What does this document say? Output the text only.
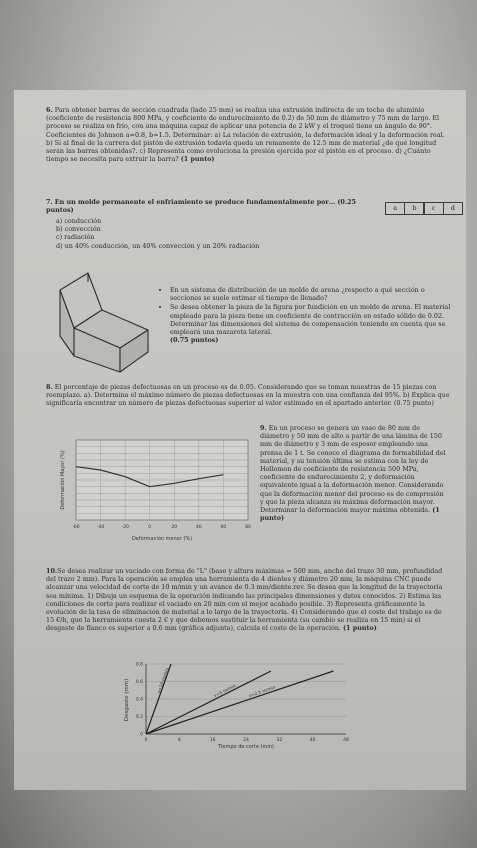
6. Para obtener barras de sección cuadrada (lado 25 mm) se realiza una extrusión indirecta de un tocho de aluminio (coeficiente de resistencia 800 MPa, y coeficiente de endurecimiento de 0.2) de 50 mm de diámetro y 75 mm de largo. El proceso se realiza en frío, con una máquina capaz de aplicar una potencia de 2 kW y el troquel tiene un ángulo de 90°. Coeficientes de Johnson a=0.8, b=1.5. Determinar: a) La relación de extrusión, la deformación ideal y la deformación real. b) Si al final de la carrera del pistón de extrusión todavía queda un remanente de 12.5 mm de material ¿de qué longitud serán las barras obtenidas?. c) Representa como evoluciona la presión ejercida por el pistón en el proceso. d) ¿Cuánto tiempo se necesita para extruir la barra? (1 punto)
7. En un molde permanente el enfriamiento se produce fundamentalmente por… (0.25 puntos)	a	b	c	d
a) conducción
b) convección
c) radiación
d) un 40% conducción, un 40% convección y un 20% radiación
• En un sistema de distribución de un molde de arena ¿respecto a qué sección o secciones se suele estimar el tiempo de llenado?
• Se desea obtener la pieza de la figura por fundición en un molde de arena. El material empleado para la pieza tiene un coeficiente de contracción en estado sólido de 0.02. Determinar las dimensiones del sistema de compensación teniendo en cuenta que se empleará una mazarota lateral.
(0.75 puntos)
8. El porcentaje de piezas defectuosas en un proceso es de 0.05. Considerando que se toman muestras de 15 piezas con reemplazo. a). Determina el máximo número de piezas defectuosas en la muestra con una confianza del 95%. b) Explica que significaría encontrar un número de piezas defectuosas superior al valor estimado en el apartado anterior. (0.75 punto)
-60	-40	-20	0	20	40	60	80
Deformación menor (%)
Deformación Mayor (%)
9. En un proceso se genera un vaso de 80 mm de diámetro y 50 mm de alto a partir de una lámina de 150 mm de diámetro y 3 mm de espesor empleando una prensa de 1 t. Se conoce el diagrama de formabilidad del material, y su tensión última se estima con la ley de Hollomon de coeficiente de resistencia 500 MPa, coeficiente de endurecimiento 2, y deformación equivalente igual a la deformación menor. Considerando que la deformación menor del proceso es de compresión y que la pieza alcanza su máxima deformación mayor. Determinar la deformación mayor máxima obtenida. (1 punto)
10.Se desea realizar un vaciado con forma de "L" (base y altura máximas = 500 mm, ancho del trazo 30 mm, profundidad del trazo 2 mm). Para la operación se emplea una herramienta de 4 dientes y diámetro 20 mm, la máquina CNC puede alcanzar una velocidad de corte de 10 m/min y un avance de 0.3 mm/diente.rev. Se desea que la longitud de la trayectoria sea mínima. 1) Dibuja un esquema de la operación indicando las principales dimensiones y datos conocidos. 2) Estima las condiciones de corte para realizar el vaciado en 20 min con el mejor acabado posible. 3) Representa gráficamente la evolución de la tasa de eliminación de material a lo largo de la trayectoria. 4) Considerando que el coste del trabajo es de 15 €/h, que la herramienta cuesta 2 € y que debemos sustituir la herramienta (su cambio se realiza en 15 min) si el desgaste de flanco es superior a 0.6 mm (gráfica adjunta), calcula el coste de la operación. (1 punto)
v=10 m/min	v=5 m/min	v=2.5 m/min
0.8
0.6
0.4
0.2
0
0	8	16	24	32	40	48
Tiempo de corte (min)
Desgaste (mm)
